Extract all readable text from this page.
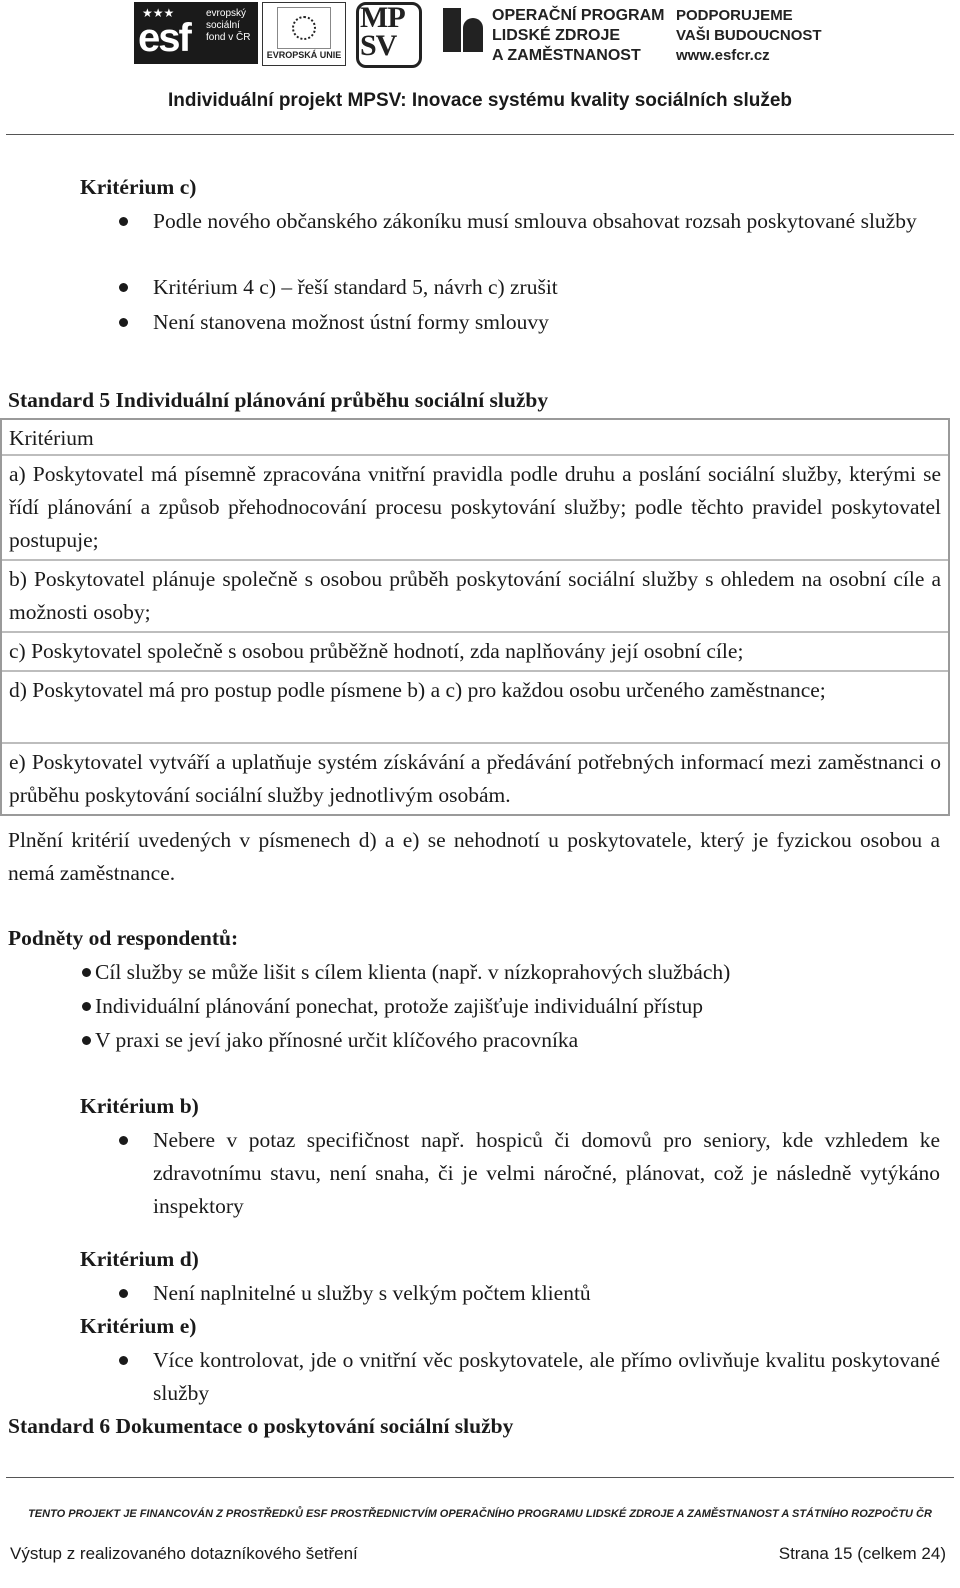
★★★
esf
evropský
sociální
fond v ČR
EVROPSKÁ UNIE
MP
SV
OPERAČNÍ PROGRAM
LIDSKÉ ZDROJE
A ZAMĚSTNANOST
PODPORUJEME
VAŠI BUDOUCNOST
www.esfcr.cz
Individuální projekt MPSV: Inovace systému kvality sociálních služeb
Kritérium c)
Podle nového občanského zákoníku musí smlouva obsahovat rozsah poskytované služby
Kritérium 4 c) – řeší standard 5, návrh c) zrušit
Není stanovena možnost ústní formy smlouvy
Standard 5 Individuální plánování průběhu sociální služby
Kritérium
a) Poskytovatel má písemně zpracována vnitřní pravidla podle druhu a poslání sociální služby, kterými se řídí plánování a způsob přehodnocování procesu poskytování služby; podle těchto pravidel poskytovatel postupuje;
b) Poskytovatel plánuje společně s osobou průběh poskytování sociální služby s ohledem na osobní cíle a možnosti osoby;
c) Poskytovatel společně s osobou průběžně hodnotí, zda naplňovány její osobní cíle;
d) Poskytovatel má pro postup podle písmene b) a c) pro každou osobu určeného zaměstnance;
e) Poskytovatel vytváří a uplatňuje systém získávání a předávání potřebných informací mezi zaměstnanci o průběhu poskytování sociální služby jednotlivým osobám.
Plnění kritérií uvedených v písmenech d) a e) se nehodnotí u poskytovatele, který je fyzickou osobou a nemá zaměstnance.
Podněty od respondentů:
Cíl služby se může lišit s cílem klienta (např. v nízkoprahových službách)
Individuální plánování ponechat, protože zajišťuje individuální přístup
V praxi se jeví jako přínosné určit klíčového pracovníka
Kritérium b)
Nebere v potaz specifičnost např. hospiců či domovů pro seniory, kde vzhledem ke zdravotnímu stavu, není snaha, či je velmi náročné, plánovat, což je následně vytýkáno inspektory
Kritérium d)
Není naplnitelné u služby s velkým počtem klientů
Kritérium e)
Více kontrolovat, jde o vnitřní věc poskytovatele, ale přímo ovlivňuje kvalitu poskytované služby
Standard 6 Dokumentace o poskytování sociální služby
TENTO PROJEKT JE FINANCOVÁN Z PROSTŘEDKŮ ESF PROSTŘEDNICTVÍM OPERAČNÍHO PROGRAMU LIDSKÉ ZDROJE A ZAMĚSTNANOST A STÁTNÍHO ROZPOČTU ČR
Výstup z realizovaného dotazníkového šetření	Strana 15 (celkem 24)
